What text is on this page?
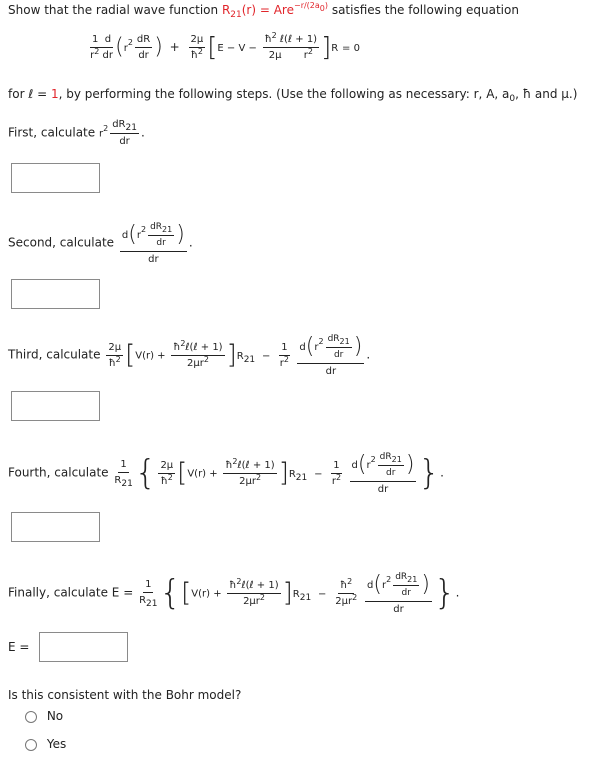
Show that the radial wave function $R_{21}(r) = Are^{-r/(2a0)}$ satisfies the following equation
$\frac{1 d}{r^2 dr} (r^2 \frac{dR}{dr}$ ) + $\frac{2\mu}{ħ^2} [E - V - \frac{ħ^2 \ell(\ell + 1)}{2\mu r^2} ]R = 0$
for ℓ = 1, by performing the following steps. (Use the following as necessary: r, A, $a_0$, ħ and μ.)
First, calculate $r^2 \frac{dR21}{dr}$ .
Second, calculate $\frac{d(r^2 \frac{dR21}{dr} )}{dr}$ .
Third, calculate $\frac{2\mu}{ħ^2} [V(r) + \frac{ħ^2\ell(\ell + 1)}{2\mu r^2} ]R21 - \frac{1}{r^2}$
$\frac{d(r^2 \frac{dR21}{dr} )}{dr}$ .
Fourth, calculate $\frac{1}{R21}$ { $\frac{2\mu}{ħ^2} [V(r) + \frac{ħ^2\ell(\ell + 1)}{2\mu r^2} ]R21 - \frac{1}{r^2}$
$\frac{d(r^2 \frac{dR21}{dr} )}{dr}$ }.
Finally, calculate $E = \frac{1}{R21} \{[V(r) + \frac{ħ^2\ell(\ell + 1)}{2\mu r^2} ]R21 - \frac{ħ^2}{2\mu r^2}$
$\frac{d(r^2 \frac{dR21}{dr} )}{dr}$ }.
E =
Is this consistent with the Bohr model?
No
Yes
